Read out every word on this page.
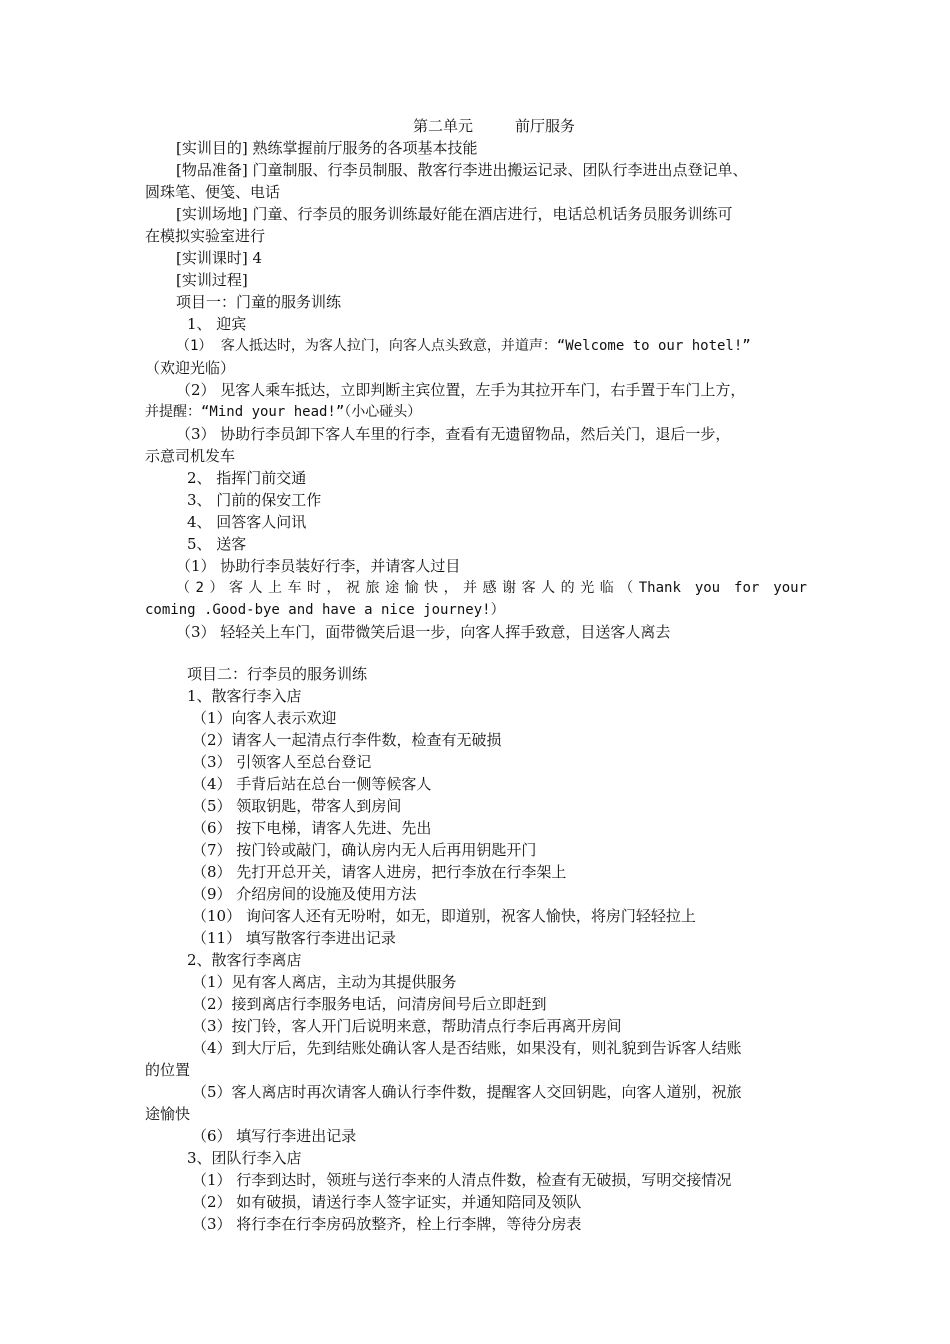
第二单元	前厅服务
[实训目的] 熟练掌握前厅服务的各项基本技能
[物品准备] 门童制服、行李员制服、散客行李进出搬运记录、团队行李进出点登记单、
圆珠笔、便笺、电话
[实训场地] 门童、行李员的服务训练最好能在酒店进行，电话总机话务员服务训练可
在模拟实验室进行
[实训课时] 4
[实训过程]
项目一：门童的服务训练
1、 迎宾
（1） 客人抵达时，为客人拉门，向客人点头致意，并道声：“Welcome to our hotel!”
（欢迎光临）
（2） 见客人乘车抵达，立即判断主宾位置，左手为其拉开车门，右手置于车门上方，
并提醒：“Mind your head!”（小心碰头）
（3） 协助行李员卸下客人车里的行李，查看有无遗留物品，然后关门，退后一步，
示意司机发车
2、 指挥门前交通
3、 门前的保安工作
4、 回答客人问讯
5、 送客
（1） 协助行李员装好行李，并请客人过目
（2）客人上车时，祝旅途愉快，并感谢客人的光临（Thank you for your
coming .Good-bye and have a nice journey!）
（3） 轻轻关上车门，面带微笑后退一步，向客人挥手致意，目送客人离去
项目二：行李员的服务训练
1、散客行李入店
（1）向客人表示欢迎
（2）请客人一起清点行李件数，检查有无破损
（3） 引领客人至总台登记
（4） 手背后站在总台一侧等候客人
（5） 领取钥匙，带客人到房间
（6） 按下电梯，请客人先进、先出
（7） 按门铃或敲门，确认房内无人后再用钥匙开门
（8） 先打开总开关，请客人进房，把行李放在行李架上
（9） 介绍房间的设施及使用方法
（10） 询问客人还有无吩咐，如无，即道别，祝客人愉快，将房门轻轻拉上
（11） 填写散客行李进出记录
2、散客行李离店
（1）见有客人离店，主动为其提供服务
（2）接到离店行李服务电话，问清房间号后立即赶到
（3）按门铃，客人开门后说明来意，帮助清点行李后再离开房间
（4）到大厅后，先到结账处确认客人是否结账，如果没有，则礼貌到告诉客人结账
的位置
（5）客人离店时再次请客人确认行李件数，提醒客人交回钥匙，向客人道别，祝旅
途愉快
（6） 填写行李进出记录
3、团队行李入店
（1） 行李到达时，领班与送行李来的人清点件数，检查有无破损，写明交接情况
（2） 如有破损，请送行李人签字证实，并通知陪同及领队
（3） 将行李在行李房码放整齐，栓上行李牌，等待分房表
